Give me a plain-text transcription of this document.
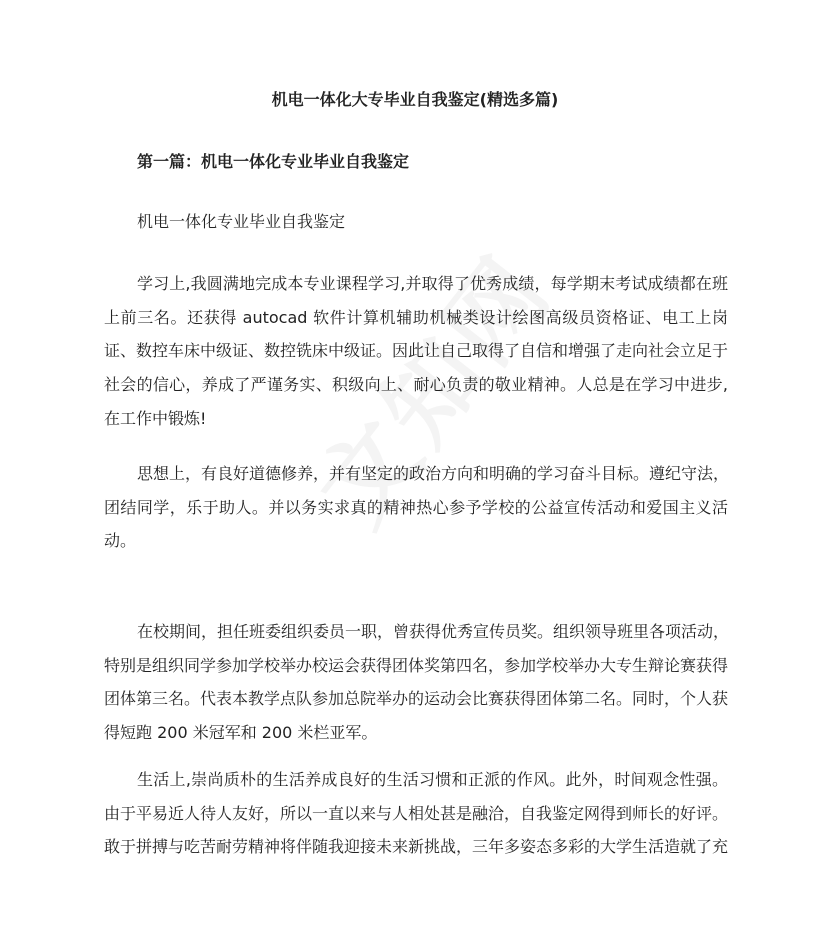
机电一体化大专毕业自我鉴定(精选多篇)
第一篇：机电一体化专业毕业自我鉴定
机电一体化专业毕业自我鉴定
学习上,我圆满地完成本专业课程学习,并取得了优秀成绩，每学期末考试成绩都在班
上前三名。还获得 autocad 软件计算机辅助机械类设计绘图高级员资格证、电工上岗
证、数控车床中级证、数控铣床中级证。因此让自己取得了自信和增强了走向社会立足于
社会的信心，养成了严谨务实、积级向上、耐心负责的敬业精神。人总是在学习中进步,
在工作中锻炼!
思想上，有良好道德修养，并有坚定的政治方向和明确的学习奋斗目标。遵纪守法，
团结同学，乐于助人。并以务实求真的精神热心参予学校的公益宣传活动和爱国主义活
动。
在校期间，担任班委组织委员一职，曾获得优秀宣传员奖。组织领导班里各项活动，
特别是组织同学参加学校举办校运会获得团体奖第四名，参加学校举办大专生辩论赛获得
团体第三名。代表本教学点队参加总院举办的运动会比赛获得团体第二名。同时，个人获
得短跑 200 米冠军和 200 米栏亚军。
生活上,崇尚质朴的生活养成良好的生活习惯和正派的作风。此外，时间观念性强。
由于平易近人待人友好，所以一直以来与人相处甚是融洽，自我鉴定网得到师长的好评。
敢于拼搏与吃苦耐劳精神将伴随我迎接未来新挑战，三年多姿态多彩的大学生活造就了充
